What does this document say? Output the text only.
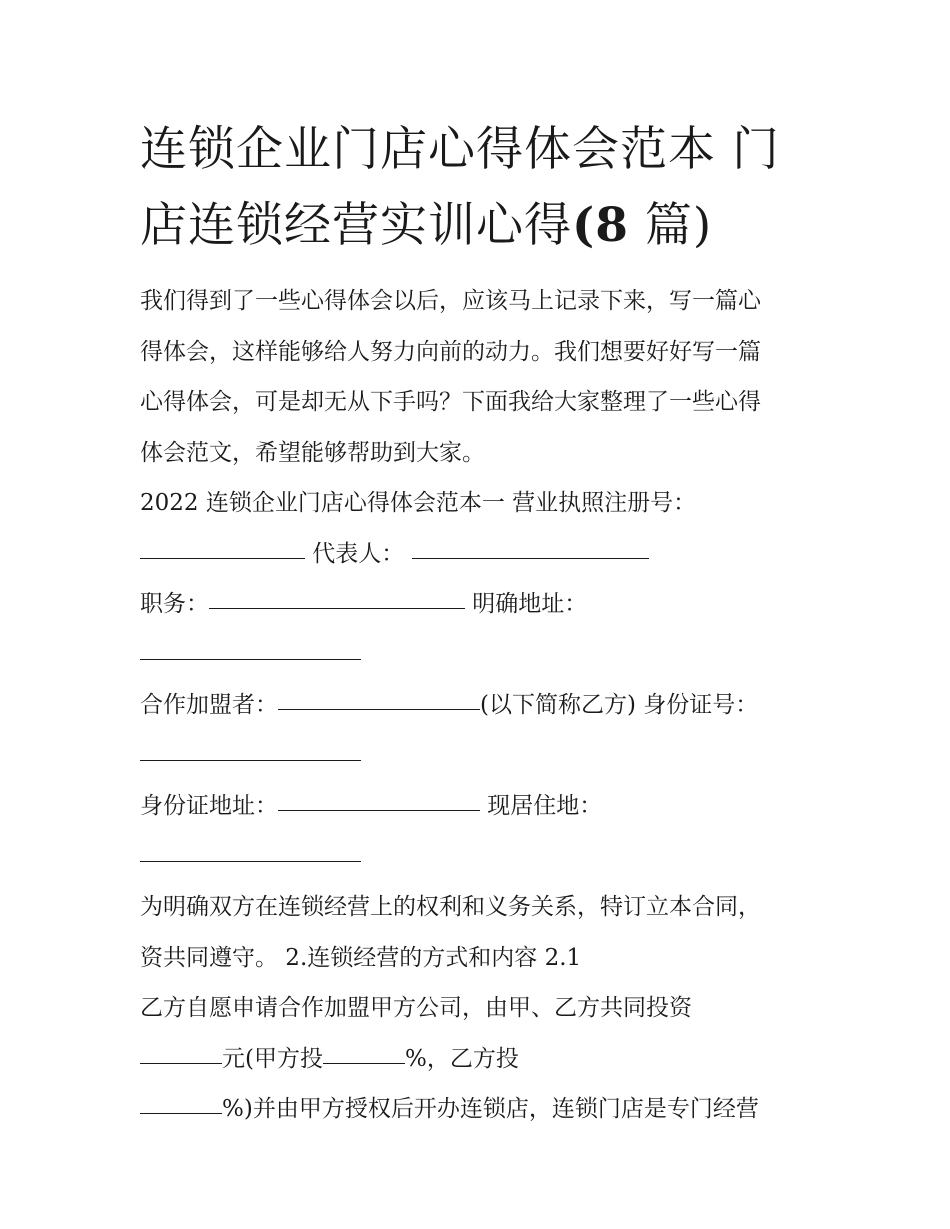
连锁企业门店心得体会范本 门
店连锁经营实训心得(8 篇)
我们得到了一些心得体会以后，应该马上记录下来，写一篇心
得体会，这样能够给人努力向前的动力。我们想要好好写一篇
心得体会，可是却无从下手吗？下面我给大家整理了一些心得
体会范文，希望能够帮助到大家。
2022 连锁企业门店心得体会范本一 营业执照注册号：
代表人：
职务：	明确地址：
合作加盟者：	(以下简称乙方) 身份证号：
身份证地址：	现居住地：
为明确双方在连锁经营上的权利和义务关系，特订立本合同，
资共同遵守。 2.连锁经营的方式和内容 2.1
乙方自愿申请合作加盟甲方公司，由甲、乙方共同投资
元(甲方投	%，乙方投
%)并由甲方授权后开办连锁店，连锁门店是专门经营
